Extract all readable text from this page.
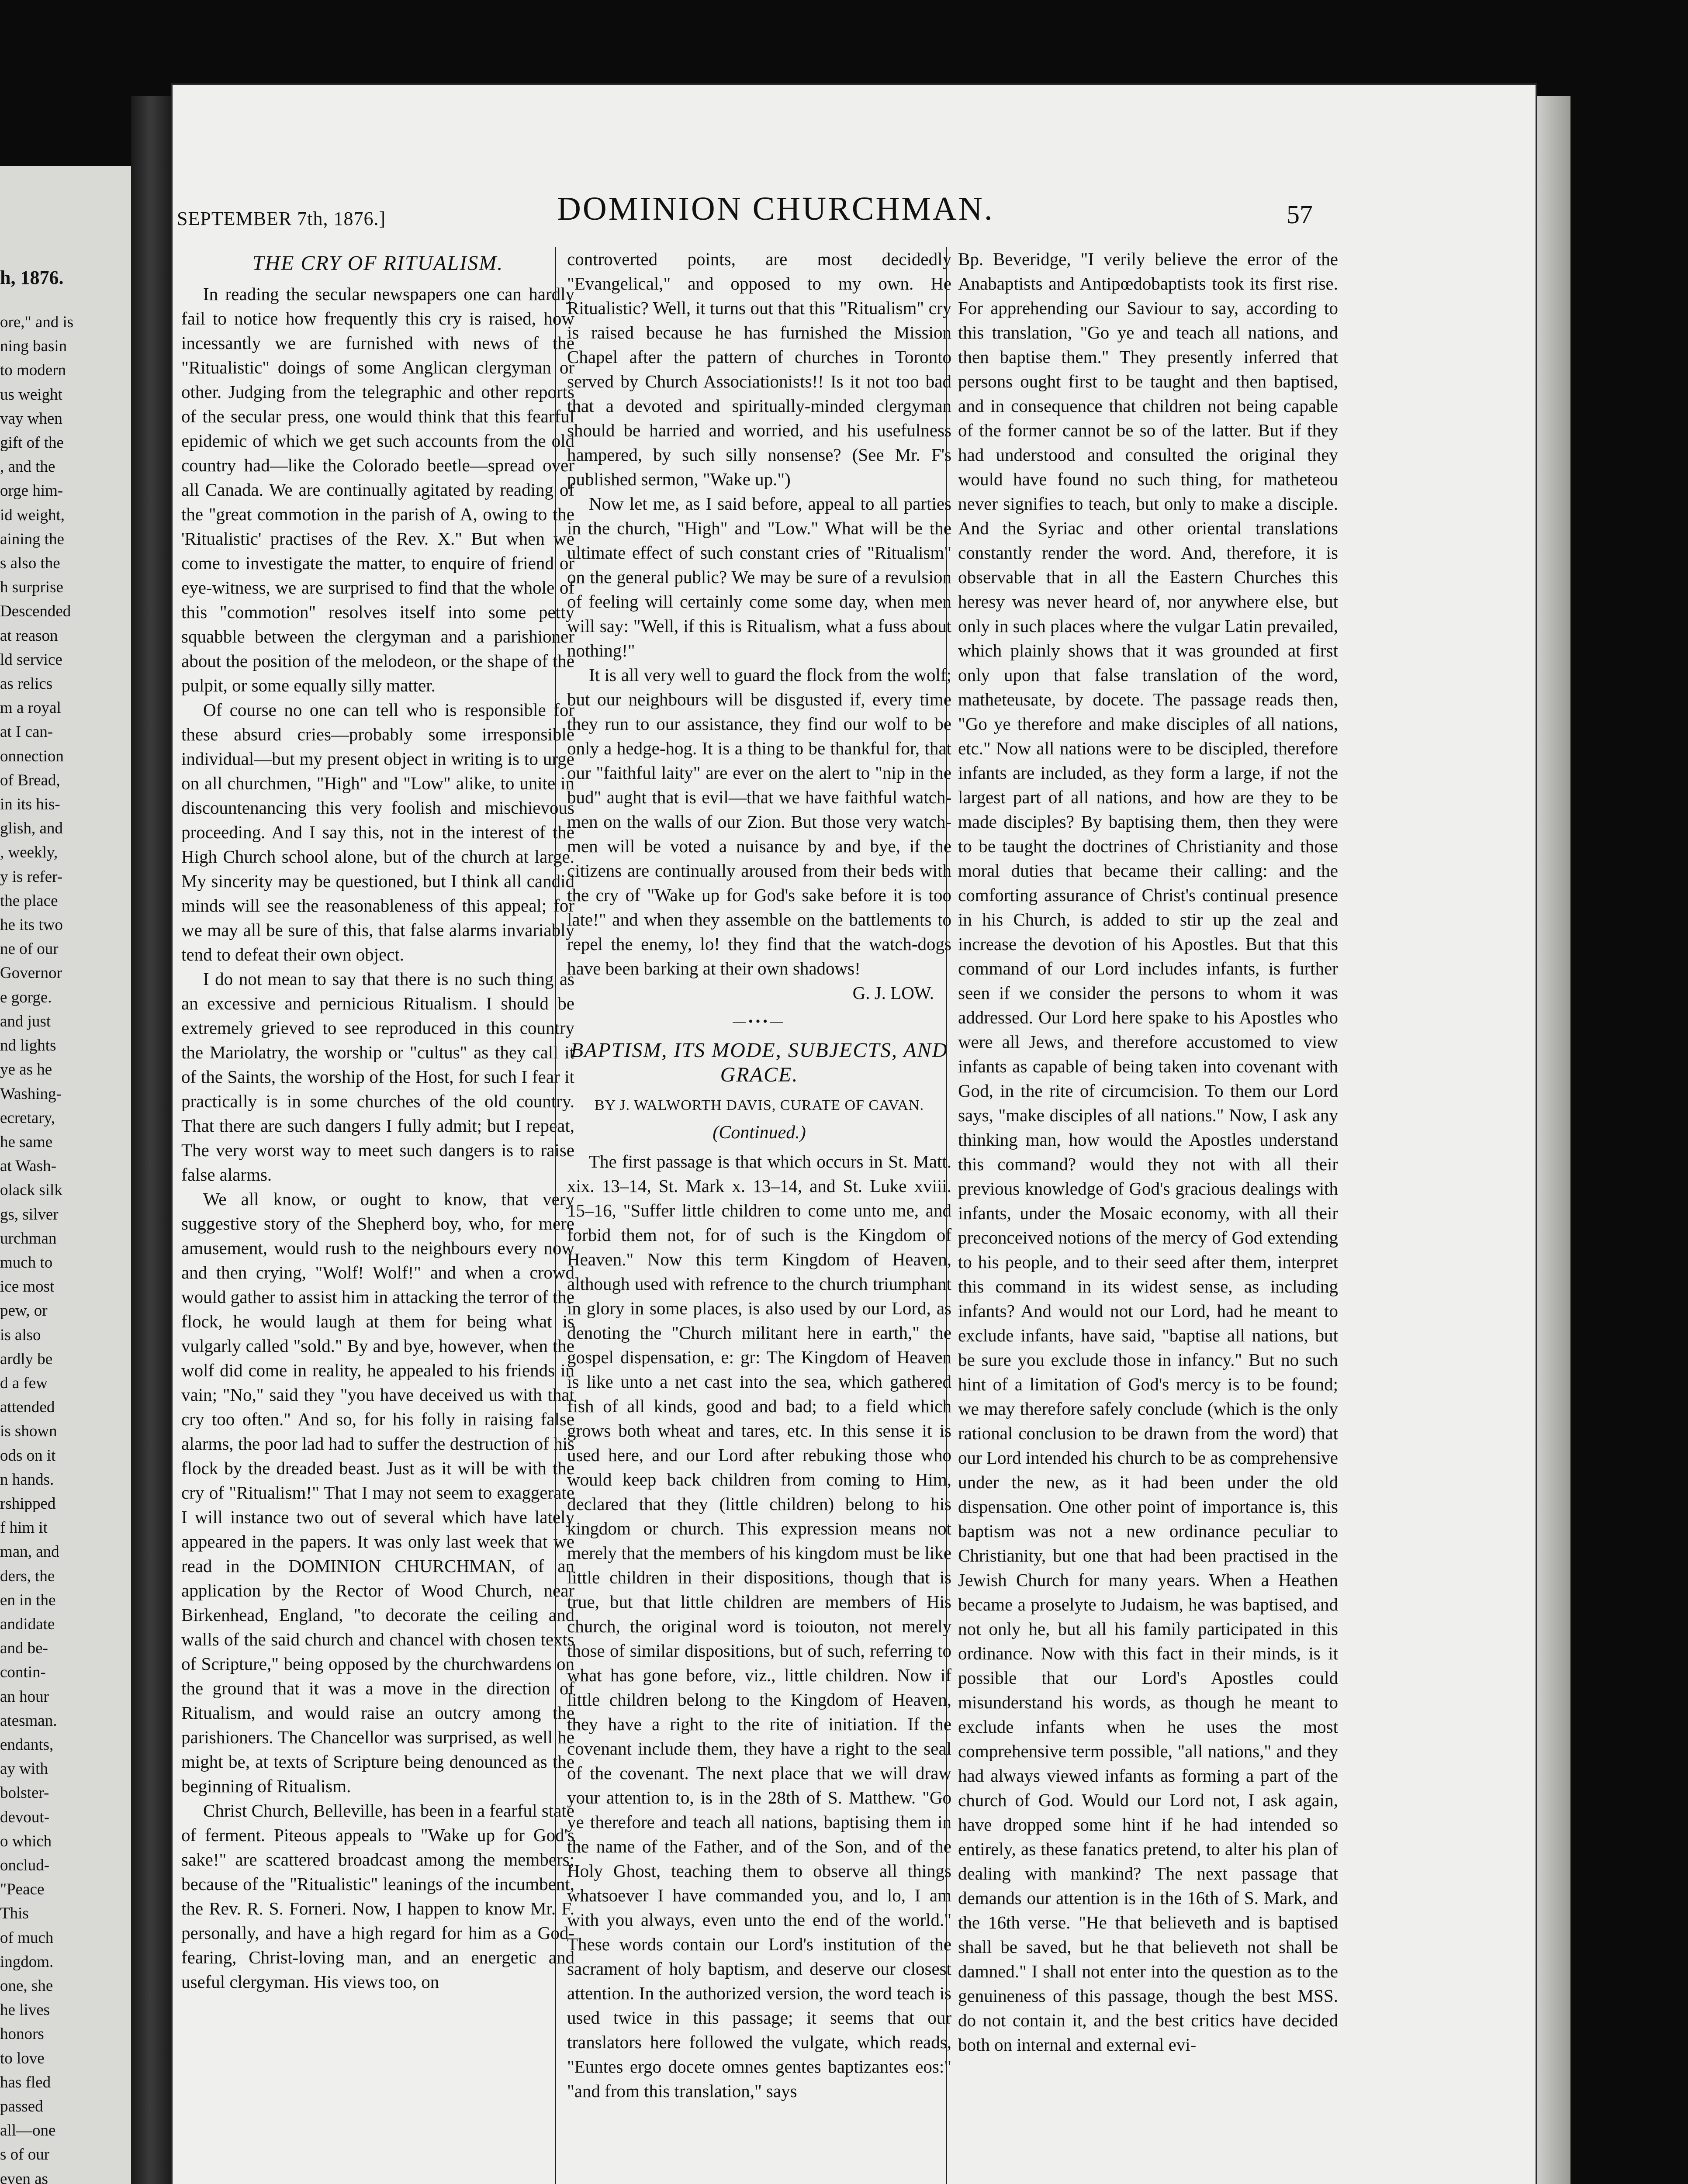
h, 1876.
ore," and is
ning basin
to modern
us weight
vay when
gift of the
, and the
orge him-
id weight,
aining the
s also the
h surprise
Descended
at reason
ld service
as relics
m a royal
at I can-
onnection
of Bread,
in its his-
glish, and
, weekly,
y is refer-
the place
he its two
ne of our
Governor
e gorge.
and just
nd lights
ye as he
Washing-
ecretary,
he same
at Wash-
olack silk
gs, silver
urchman
much to
ice most
pew, or
is also
ardly be
d a few
attended
is shown
ods on it
n hands.
rshipped
f him it
man, and
ders, the
en in the
andidate
and be-
contin-
an hour
atesman.
endants,
ay with
bolster-
devout-
o which
onclud-
"Peace
This
of much
ingdom.
one, she
he lives
honors
to love
has fled
passed
all—one
s of our
even as

SEPTEMBER 7th, 1876.]	DOMINION CHURCHMAN.	57
THE CRY OF RITUALISM.

In reading the secular newspapers one can hardly fail to notice how frequently this cry is raised, how incessantly we are furnished with news of the "Ritualistic" doings of some Anglican clergyman or other. Judging from the telegraphic and other reports of the secular press, one would think that this fearful epidemic of which we get such accounts from the old country had—like the Colorado beetle—spread over all Canada. We are continually agitated by reading of the "great commotion in the parish of A, owing to the 'Ritualistic' practises of the Rev. X." But when we come to investigate the matter, to enquire of friend or eye-witness, we are surprised to find that the whole of this "commotion" resolves itself into some petty squabble between the clergyman and a parishioner about the position of the melodeon, or the shape of the pulpit, or some equally silly matter.

Of course no one can tell who is responsible for these absurd cries—probably some irresponsible individual—but my present object in writing is to urge on all churchmen, "High" and "Low" alike, to unite in discountenancing this very foolish and mischievous proceeding. And I say this, not in the interest of the High Church school alone, but of the church at large. My sincerity may be questioned, but I think all candid minds will see the reasonableness of this appeal; for we may all be sure of this, that false alarms invariably tend to defeat their own object.

I do not mean to say that there is no such thing as an excessive and pernicious Ritualism. I should be extremely grieved to see reproduced in this country the Mariolatry, the worship or "cultus" as they call it of the Saints, the worship of the Host, for such I fear it practically is in some churches of the old country. That there are such dangers I fully admit; but I repeat, The very worst way to meet such dangers is to raise false alarms.

We all know, or ought to know, that very suggestive story of the Shepherd boy, who, for mere amusement, would rush to the neighbours every now and then crying, "Wolf! Wolf!" and when a crowd would gather to assist him in attacking the terror of the flock, he would laugh at them for being what is vulgarly called "sold." By and bye, however, when the wolf did come in reality, he appealed to his friends in vain; "No," said they "you have deceived us with that cry too often." And so, for his folly in raising false alarms, the poor lad had to suffer the destruction of his flock by the dreaded beast. Just as it will be with the cry of "Ritualism!" That I may not seem to exaggerate I will instance two out of several which have lately appeared in the papers. It was only last week that we read in the DOMINION CHURCHMAN, of an application by the Rector of Wood Church, near Birkenhead, England, "to decorate the ceiling and walls of the said church and chancel with chosen texts of Scripture," being opposed by the churchwardens on the ground that it was a move in the direction of Ritualism, and would raise an outcry among the parishioners. The Chancellor was surprised, as well he might be, at texts of Scripture being denounced as the beginning of Ritualism.

Christ Church, Belleville, has been in a fearful state of ferment. Piteous appeals to "Wake up for God's sake!" are scattered broadcast among the members; because of the "Ritualistic" leanings of the incumbent, the Rev. R. S. Forneri. Now, I happen to know Mr. F. personally, and have a high regard for him as a God-fearing, Christ-loving man, and an energetic and useful clergyman. His views too, on

controverted points, are most decidedly "Evangelical," and opposed to my own. He Ritualistic? Well, it turns out that this "Ritualism" cry is raised because he has furnished the Mission Chapel after the pattern of churches in Toronto served by Church Associationists!! Is it not too bad that a devoted and spiritually-minded clergyman should be harried and worried, and his usefulness hampered, by such silly nonsense? (See Mr. F's published sermon, "Wake up.")

Now let me, as I said before, appeal to all parties in the church, "High" and "Low." What will be the ultimate effect of such constant cries of "Ritualism" on the general public? We may be sure of a revulsion of feeling will certainly come some day, when men will say: "Well, if this is Ritualism, what a fuss about nothing!"

It is all very well to guard the flock from the wolf; but our neighbours will be disgusted if, every time they run to our assistance, they find our wolf to be only a hedge-hog. It is a thing to be thankful for, that our "faithful laity" are ever on the alert to "nip in the bud" aught that is evil—that we have faithful watch-men on the walls of our Zion. But those very watch-men will be voted a nuisance by and bye, if the citizens are continually aroused from their beds with the cry of "Wake up for God's sake before it is too late!" and when they assemble on the battlements to repel the enemy, lo! they find that the watch-dogs have been barking at their own shadows!

G. J. LOW.
—•••—
BAPTISM, ITS MODE, SUBJECTS, AND GRACE.
BY J. WALWORTH DAVIS, CURATE OF CAVAN.
(Continued.)

The first passage is that which occurs in St. Matt. xix. 13–14, St. Mark x. 13–14, and St. Luke xviii. 15–16, "Suffer little children to come unto me, and forbid them not, for of such is the Kingdom of Heaven." Now this term Kingdom of Heaven, although used with refrence to the church triumphant in glory in some places, is also used by our Lord, as denoting the "Church militant here in earth," the gospel dispensation, e: gr: The Kingdom of Heaven is like unto a net cast into the sea, which gathered fish of all kinds, good and bad; to a field which grows both wheat and tares, etc. In this sense it is used here, and our Lord after rebuking those who would keep back children from coming to Him, declared that they (little children) belong to his kingdom or church. This expression means not merely that the members of his kingdom must be like little children in their dispositions, though that is true, but that little children are members of His church, the original word is toiouton, not merely those of similar dispositions, but of such, referring to what has gone before, viz., little children. Now if little children belong to the Kingdom of Heaven, they have a right to the rite of initiation. If the covenant include them, they have a right to the seal of the covenant. The next place that we will draw your attention to, is in the 28th of S. Matthew. "Go ye therefore and teach all nations, baptising them in the name of the Father, and of the Son, and of the Holy Ghost, teaching them to observe all things whatsoever I have commanded you, and lo, I am with you always, even unto the end of the world." These words contain our Lord's institution of the sacrament of holy baptism, and deserve our closest attention. In the authorized version, the word teach is used twice in this passage; it seems that our translators here followed the vulgate, which reads, "Euntes ergo docete omnes gentes baptizantes eos:" "and from this translation," says

Bp. Beveridge, "I verily believe the error of the Anabaptists and Antipœdobaptists took its first rise. For apprehending our Saviour to say, according to this translation, "Go ye and teach all nations, and then baptise them." They presently inferred that persons ought first to be taught and then baptised, and in consequence that children not being capable of the former cannot be so of the latter. But if they had understood and consulted the original they would have found no such thing, for matheteou never signifies to teach, but only to make a disciple. And the Syriac and other oriental translations constantly render the word. And, therefore, it is observable that in all the Eastern Churches this heresy was never heard of, nor anywhere else, but only in such places where the vulgar Latin prevailed, which plainly shows that it was grounded at first only upon that false translation of the word, matheteusate, by docete. The passage reads then, "Go ye therefore and make disciples of all nations, etc." Now all nations were to be discipled, therefore infants are included, as they form a large, if not the largest part of all nations, and how are they to be made disciples? By baptising them, then they were to be taught the doctrines of Christianity and those moral duties that became their calling: and the comforting assurance of Christ's continual presence in his Church, is added to stir up the zeal and increase the devotion of his Apostles. But that this command of our Lord includes infants, is further seen if we consider the persons to whom it was addressed. Our Lord here spake to his Apostles who were all Jews, and therefore accustomed to view infants as capable of being taken into covenant with God, in the rite of circumcision. To them our Lord says, "make disciples of all nations." Now, I ask any thinking man, how would the Apostles understand this command? would they not with all their previous knowledge of God's gracious dealings with infants, under the Mosaic economy, with all their preconceived notions of the mercy of God extending to his people, and to their seed after them, interpret this command in its widest sense, as including infants? And would not our Lord, had he meant to exclude infants, have said, "baptise all nations, but be sure you exclude those in infancy." But no such hint of a limitation of God's mercy is to be found; we may therefore safely conclude (which is the only rational conclusion to be drawn from the word) that our Lord intended his church to be as comprehensive under the new, as it had been under the old dispensation. One other point of importance is, this baptism was not a new ordinance peculiar to Christianity, but one that had been practised in the Jewish Church for many years. When a Heathen became a proselyte to Judaism, he was baptised, and not only he, but all his family participated in this ordinance. Now with this fact in their minds, is it possible that our Lord's Apostles could misunderstand his words, as though he meant to exclude infants when he uses the most comprehensive term possible, "all nations," and they had always viewed infants as forming a part of the church of God. Would our Lord not, I ask again, have dropped some hint if he had intended so entirely, as these fanatics pretend, to alter his plan of dealing with mankind? The next passage that demands our attention is in the 16th of S. Mark, and the 16th verse. "He that believeth and is baptised shall be saved, but he that believeth not shall be damned." I shall not enter into the question as to the genuineness of this passage, though the best MSS. do not contain it, and the best critics have decided both on internal and external evi-
